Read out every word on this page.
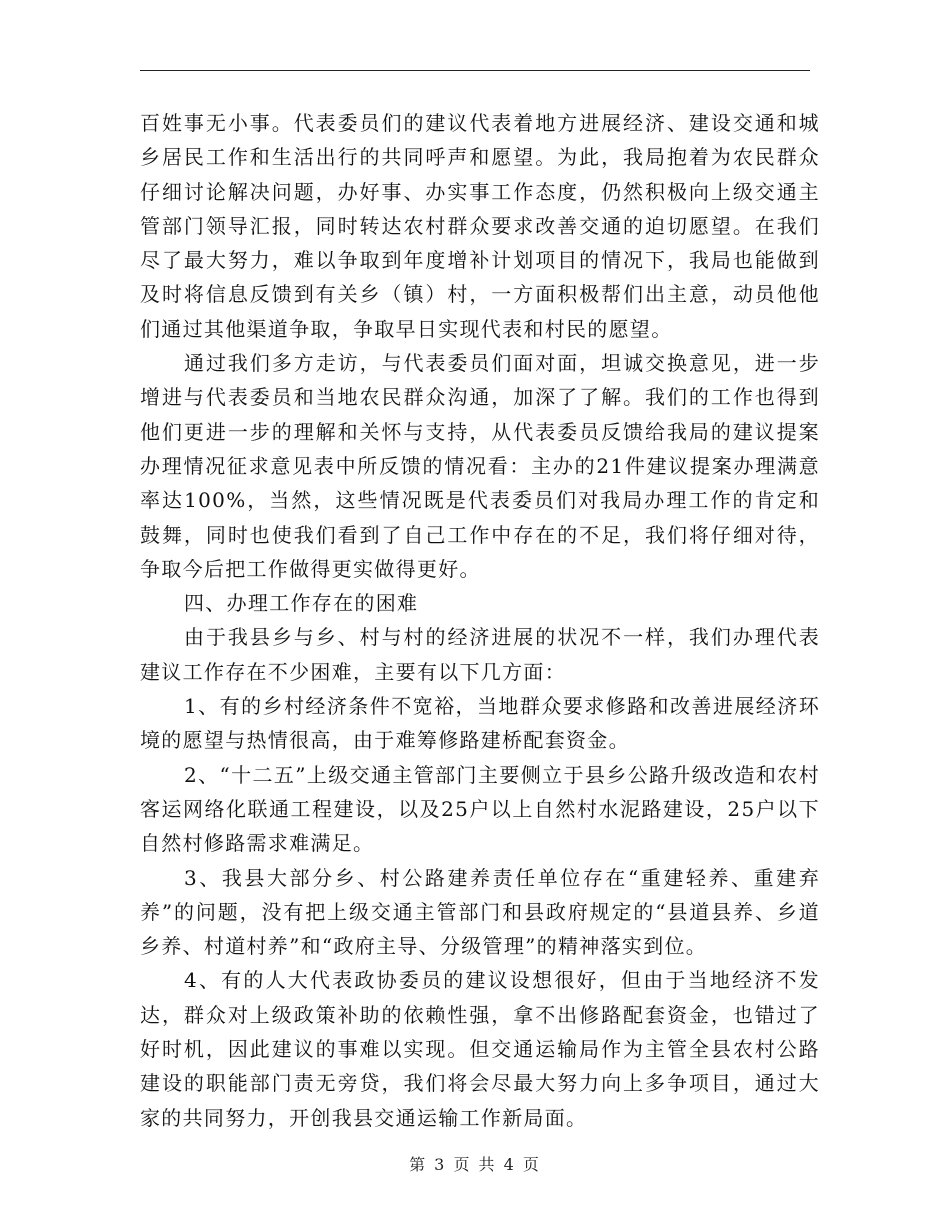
百姓事无小事。代表委员们的建议代表着地方进展经济、建设交通和城乡居民工作和生活出行的共同呼声和愿望。为此，我局抱着为农民群众仔细讨论解决问题，办好事、办实事工作态度，仍然积极向上级交通主管部门领导汇报，同时转达农村群众要求改善交通的迫切愿望。在我们尽了最大努力，难以争取到年度增补计划项目的情况下，我局也能做到及时将信息反馈到有关乡（镇）村，一方面积极帮们出主意，动员他他们通过其他渠道争取，争取早日实现代表和村民的愿望。

通过我们多方走访，与代表委员们面对面，坦诚交换意见，进一步增进与代表委员和当地农民群众沟通，加深了了解。我们的工作也得到他们更进一步的理解和关怀与支持，从代表委员反馈给我局的建议提案办理情况征求意见表中所反馈的情况看：主办的21件建议提案办理满意率达100%，当然，这些情况既是代表委员们对我局办理工作的肯定和鼓舞，同时也使我们看到了自己工作中存在的不足，我们将仔细对待，争取今后把工作做得更实做得更好。

四、办理工作存在的困难

由于我县乡与乡、村与村的经济进展的状况不一样，我们办理代表建议工作存在不少困难，主要有以下几方面：

1、有的乡村经济条件不宽裕，当地群众要求修路和改善进展经济环境的愿望与热情很高，由于难筹修路建桥配套资金。

2、“十二五”上级交通主管部门主要侧立于县乡公路升级改造和农村客运网络化联通工程建设，以及25户以上自然村水泥路建设，25户以下自然村修路需求难满足。

3、我县大部分乡、村公路建养责任单位存在“重建轻养、重建弃养”的问题，没有把上级交通主管部门和县政府规定的“县道县养、乡道乡养、村道村养”和“政府主导、分级管理”的精神落实到位。

4、有的人大代表政协委员的建议设想很好，但由于当地经济不发达，群众对上级政策补助的依赖性强，拿不出修路配套资金，也错过了好时机，因此建议的事难以实现。但交通运输局作为主管全县农村公路建设的职能部门责无旁贷，我们将会尽最大努力向上多争项目，通过大家的共同努力，开创我县交通运输工作新局面。

第 3 页 共 4 页
